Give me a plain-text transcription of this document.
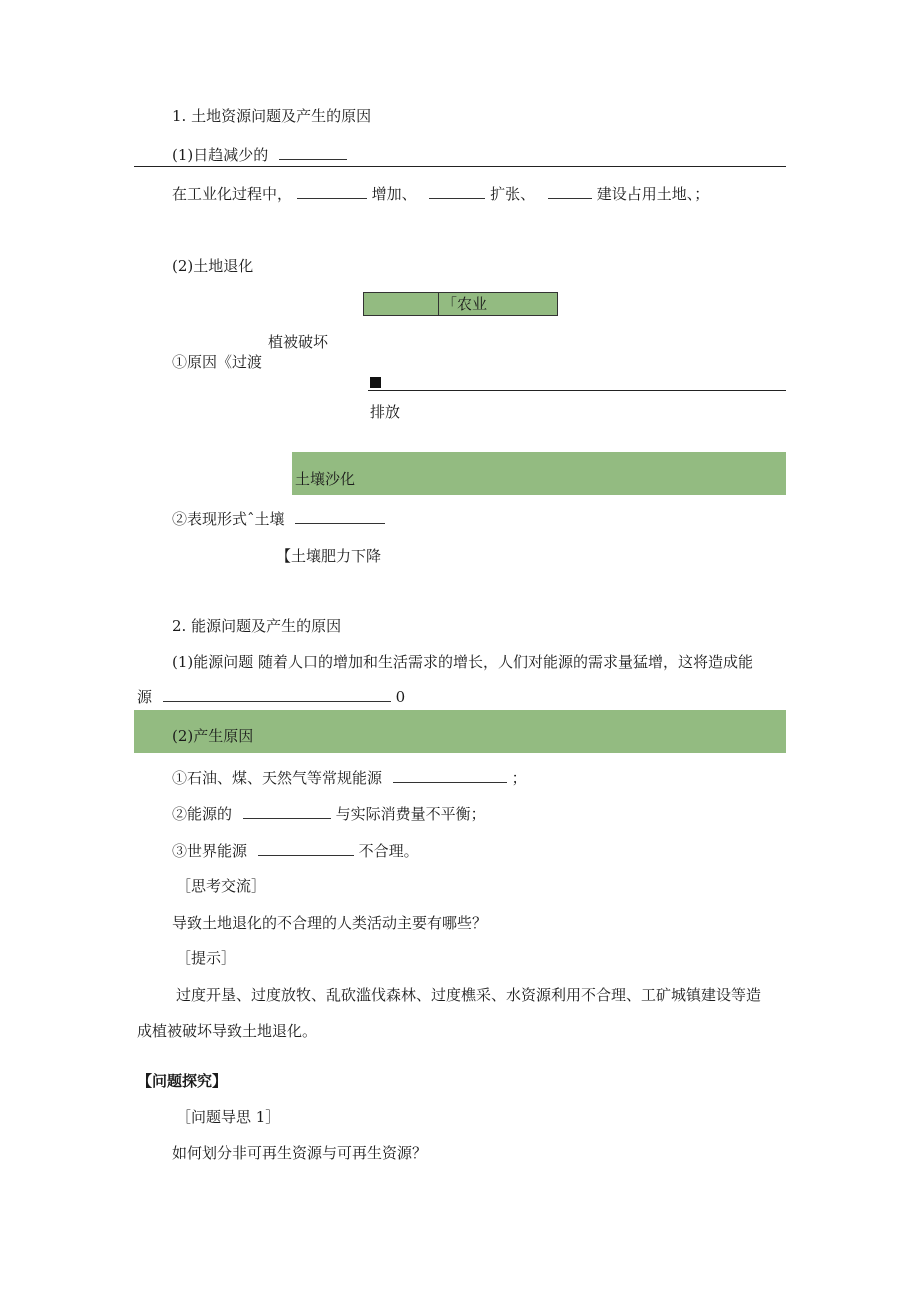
1. 土地资源问题及产生的原因
(1)日趋减少的
在工业化过程中，	增加、	扩张、	建设占用土地、；
(2)土地退化
「农业
植被破坏
①原因《过渡
排放
土壤沙化
②表现形式ˆ土壤
【土壤肥力下降
2. 能源问题及产生的原因
(1)能源问题 随着人口的增加和生活需求的增长，人们对能源的需求量猛增，这将造成能
源	0
(2)产生原因
①石油、煤、天然气等常规能源	；
②能源的	与实际消费量不平衡；
③世界能源	不合理。
［思考交流］
导致土地退化的不合理的人类活动主要有哪些？
［提示］
过度开垦、过度放牧、乱砍滥伐森林、过度樵采、水资源利用不合理、工矿城镇建设等造
成植被破坏导致土地退化。
【问题探究】
［问题导思 1］
如何划分非可再生资源与可再生资源？
